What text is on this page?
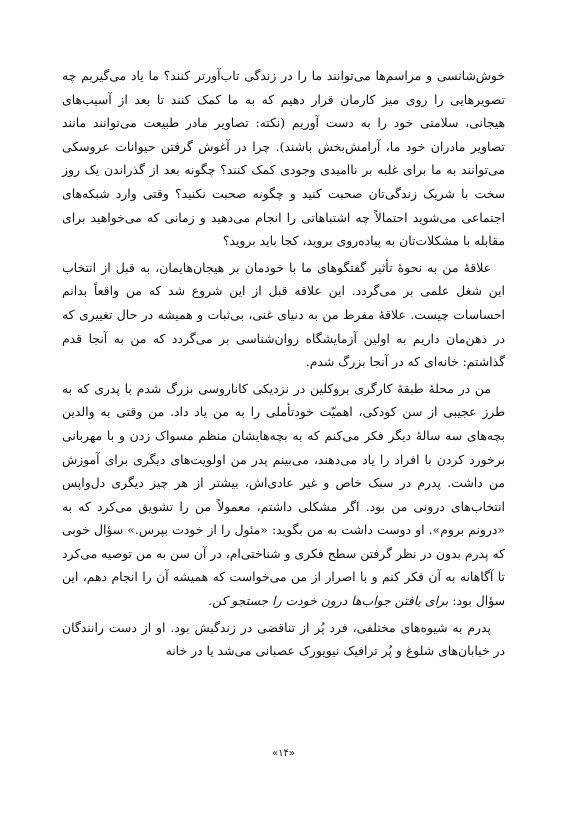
خوش‌شانسی و مراسم‌ها می‌توانند ما را در زندگی تاب‌آورتر کنند؟ ما یاد می‌گیریم چه تصویرهایی را روی میز کارمان قرار دهیم که به ما کمک کنند تا بعد از آسیب‌های هیجانی، سلامتی خود را به دست آوریم (نکته: تصاویر مادر طبیعت می‌توانند مانند تصاویر مادران خود ما، آرامش‌بخش باشند). چرا در آغوش گرفتن حیوانات عروسکی می‌توانند به ما برای غلبه بر ناامیدی وجودی کمک کنند؟ چگونه بعد از گذراندن یک روز سخت با شریک زندگی‌تان صحبت کنید و چگونه صحبت نکنید؟ وقتی وارد شبکه‌های اجتماعی می‌شوید احتمالاً چه اشتباهاتی را انجام می‌دهید و زمانی که می‌خواهید برای مقابله با مشکلات‌تان به پیاده‌روی بروید، کجا باید بروید؟

علاقهٔ من به نحوهٔ تأثیر گفتگوهای ما با خودمان بر هیجان‌هایمان، به قبل از انتخاب این شغل علمی بر می‌گردد. این علاقه قبل از این شروع شد که من واقعاً بدانم احساسات چیست. علاقهٔ مفرط من به دنیای غنی، بی‌ثبات و همیشه در حال تغییری که در ذهن‌مان داریم به اولین آزمایشگاه روان‌شناسی بر می‌گردد که من به آنجا قدم گذاشتم: خانه‌ای که در آنجا بزرگ شدم.

من در محلهٔ طبقهٔ کارگری بروکلین در نزدیکی کاناروسی بزرگ شدم با پدری که به طرز عجیبی از سن کودکی، اهمیّت خودتأملی را به من یاد داد. من وقتی به والدین بچه‌های سه سالهٔ دیگر فکر می‌کنم که به بچه‌هایشان منظم مسواک زدن و با مهربانی برخورد کردن با افراد را یاد می‌دهند، می‌بینم پدر من اولویت‌های دیگری برای آموزش من داشت. پدرم در سبک خاص و غیر عادی‌اش، بیشتر از هر چیز دیگری دل‌واپس انتخاب‌های درونی من بود. اگر مشکلی داشتم، معمولاً من را تشویق می‌کرد که به «درونم بروم». او دوست داشت به من بگوید: «مئول را از خودت بپرس.» سؤال خوبی که پدرم بدون در نظر گرفتن سطح فکری و شناختی‌ام، در آن سن به من توصیه می‌کرد تا آگاهانه به آن فکر کنم و با اصرار از من می‌خواست که همیشه آن را انجام دهم، این سؤال بود: برای یافتن جواب‌ها درون خودت را جستجو کن.

پدرم به شیوه‌های مختلفی، فرد پُر از تناقضی در زندگیش بود. او از دست رانندگان در خیابان‌های شلوغ و پُر ترافیک نیویورک عصبانی می‌شد یا در خانه

«۱۴»
